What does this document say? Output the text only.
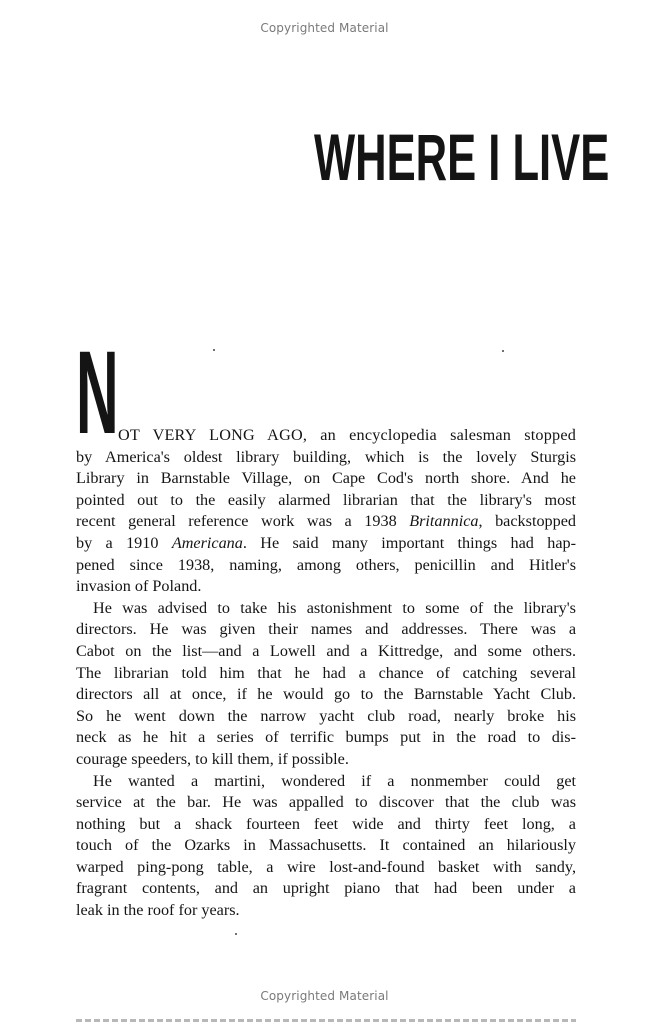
Copyrighted Material
WHERE I LIVE
N OT VERY LONG AGO, an encyclopedia salesman stopped
by America's oldest library building, which is the lovely Sturgis
Library in Barnstable Village, on Cape Cod's north shore. And he
pointed out to the easily alarmed librarian that the library's most
recent general reference work was a 1938 Britannica, backstopped
by a 1910 Americana. He said many important things had hap-
pened since 1938, naming, among others, penicillin and Hitler's
invasion of Poland.
He was advised to take his astonishment to some of the library's
directors. He was given their names and addresses. There was a
Cabot on the list—and a Lowell and a Kittredge, and some others.
The librarian told him that he had a chance of catching several
directors all at once, if he would go to the Barnstable Yacht Club.
So he went down the narrow yacht club road, nearly broke his
neck as he hit a series of terrific bumps put in the road to dis-
courage speeders, to kill them, if possible.
He wanted a martini, wondered if a nonmember could get
service at the bar. He was appalled to discover that the club was
nothing but a shack fourteen feet wide and thirty feet long, a
touch of the Ozarks in Massachusetts. It contained an hilariously
warped ping-pong table, a wire lost-and-found basket with sandy,
fragrant contents, and an upright piano that had been under a
leak in the roof for years.
Copyrighted Material
